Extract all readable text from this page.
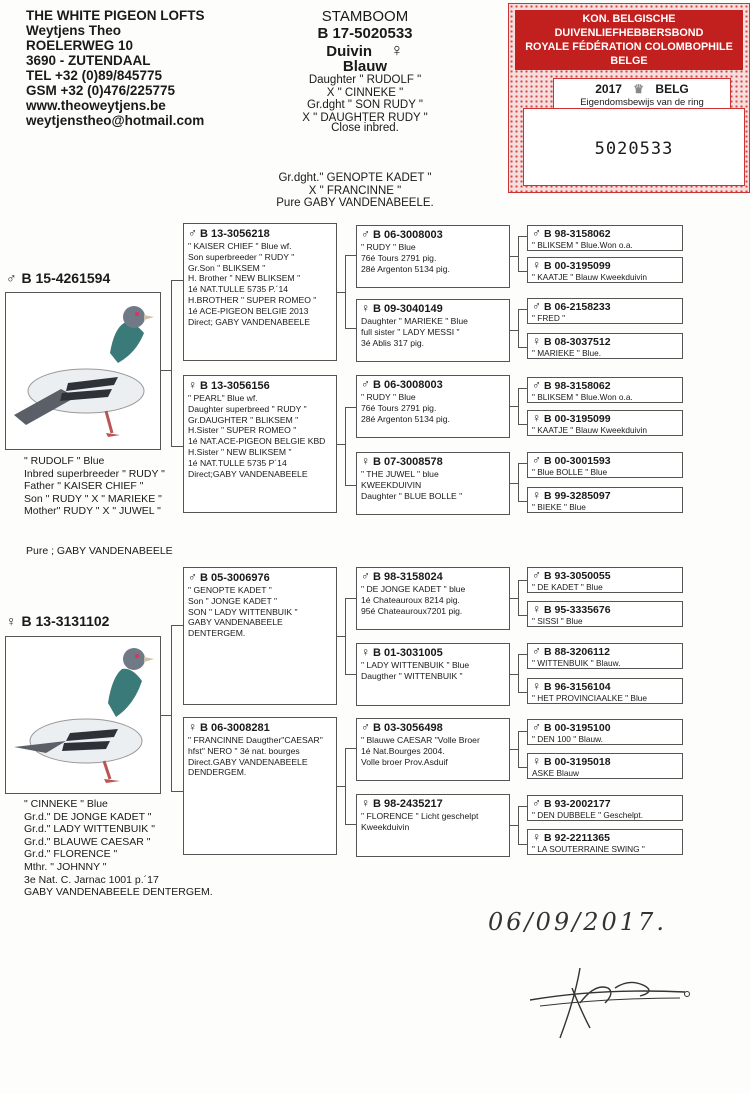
THE WHITE PIGEON LOFTS
Weytjens Theo
ROELERWEG 10
3690 - ZUTENDAAL
TEL +32 (0)89/845775
GSM +32 (0)476/225775
www.theoweytjens.be
weytjenstheo@hotmail.com
STAMBOOM
B 17-5020533
Duivin ♀
Blauw
Daughter " RUDOLF "
X " CINNEKE "
Gr.dght " SON RUDY "
X " DAUGHTER RUDY "
Close inbred.
Gr.dght." GENOPTE KADET "
X " FRANCINNE "
Pure GABY VANDENABEELE.
KON. BELGISCHE DUIVENLIEFHEBBERSBOND
ROYALE FÉDÉRATION COLOMBOPHILE BELGE
2017 ♛ BELG
Eigendomsbewijs van de ring
5020533
♂ B 15-4261594
" RUDOLF " Blue
Inbred superbreeder " RUDY "
Father " KAISER CHIEF "
Son " RUDY " X " MARIEKE "
Mother" RUDY " X " JUWEL "
Pure ; GABY VANDENABEELE
♀ B 13-3131102
" CINNEKE " Blue
Gr.d." DE JONGE KADET "
Gr.d." LADY WITTENBUIK "
Gr.d." BLAUWE CAESAR "
Gr.d." FLORENCE "
Mthr. " JOHNNY "
3e Nat. C. Jarnac 1001 p.´17
GABY VANDENABEELE DENTERGEM.
♂ B 13-3056218
" KAISER CHIEF " Blue wf.
Son superbreeder " RUDY "
Gr.Son " BLIKSEM "
H. Brother " NEW BLIKSEM "
1é NAT.TULLE 5735 P.´14
H.BROTHER " SUPER ROMEO "
1é ACE-PIGEON BELGIE 2013
Direct; GABY VANDENABEELE
♀ B 13-3056156
" PEARL" Blue wf.
Daughter superbreed " RUDY "
Gr.DAUGHTER " BLIKSEM "
H.Sister " SUPER ROMEO "
1é NAT.ACE-PIGEON BELGIE KBD
H.Sister " NEW BLIKSEM "
1é NAT.TULLE 5735 P´14
Direct;GABY VANDENABEELE
♂ B 05-3006976
" GENOPTE KADET "
Son " JONGE KADET "
SON " LADY WITTENBUIK "
GABY VANDENABEELE
DENTERGEM.
♀ B 06-3008281
" FRANCINNE Daugther"CAESAR"
hfst" NERO " 3é nat. bourges
Direct.GABY VANDENABEELE
DENDERGEM.
♂ B 06-3008003
" RUDY " Blue
76é Tours 2791 pig.
28é Argenton 5134 pig.
♀ B 09-3040149
Daughter " MARIEKE " Blue
full sister " LADY MESSI "
3é Ablis 317 pig.
♂ B 06-3008003
" RUDY " Blue
76é Tours 2791 pig.
28é Argenton 5134 pig.
♀ B 07-3008578
" THE JUWEL " blue
KWEEKDUIVIN
Daughter " BLUE BOLLE "
♂ B 98-3158024
" DE JONGE KADET " blue
1é Chateauroux 8214 pig.
95é Chateauroux7201 pig.
♀ B 01-3031005
" LADY WITTENBUIK " Blue
Daugther " WITTENBUIK "
♂ B 03-3056498
" Blauwe CAESAR "Volle Broer
1é Nat.Bourges 2004.
Volle broer Prov.Asduif
♀ B 98-2435217
" FLORENCE " Licht geschelpt
Kweekduivin
♂ B 98-3158062
" BLIKSEM " Blue.Won o.a.
♀ B 00-3195099
" KAATJE " Blauw Kweekduivin
♂ B 06-2158233
" FRED "
♀ B 08-3037512
" MARIEKE " Blue.
♂ B 98-3158062
" BLIKSEM " Blue.Won o.a.
♀ B 00-3195099
" KAATJE " Blauw Kweekduivin
♂ B 00-3001593
" Blue BOLLE " Blue
♀ B 99-3285097
" BIEKE " Blue
♂ B 93-3050055
" DE KADET " Blue
♀ B 95-3335676
" SISSI " Blue
♂ B 88-3206112
" WITTENBUIK " Blauw.
♀ B 96-3156104
" HET PROVINCIAALKE " Blue
♂ B 00-3195100
" DEN 100 " Blauw.
♀ B 00-3195018
ASKE Blauw
♂ B 93-2002177
" DEN DUBBELE " Geschelpt.
♀ B 92-2211365
" LA SOUTERRAINE SWING "
06/09/2017.
